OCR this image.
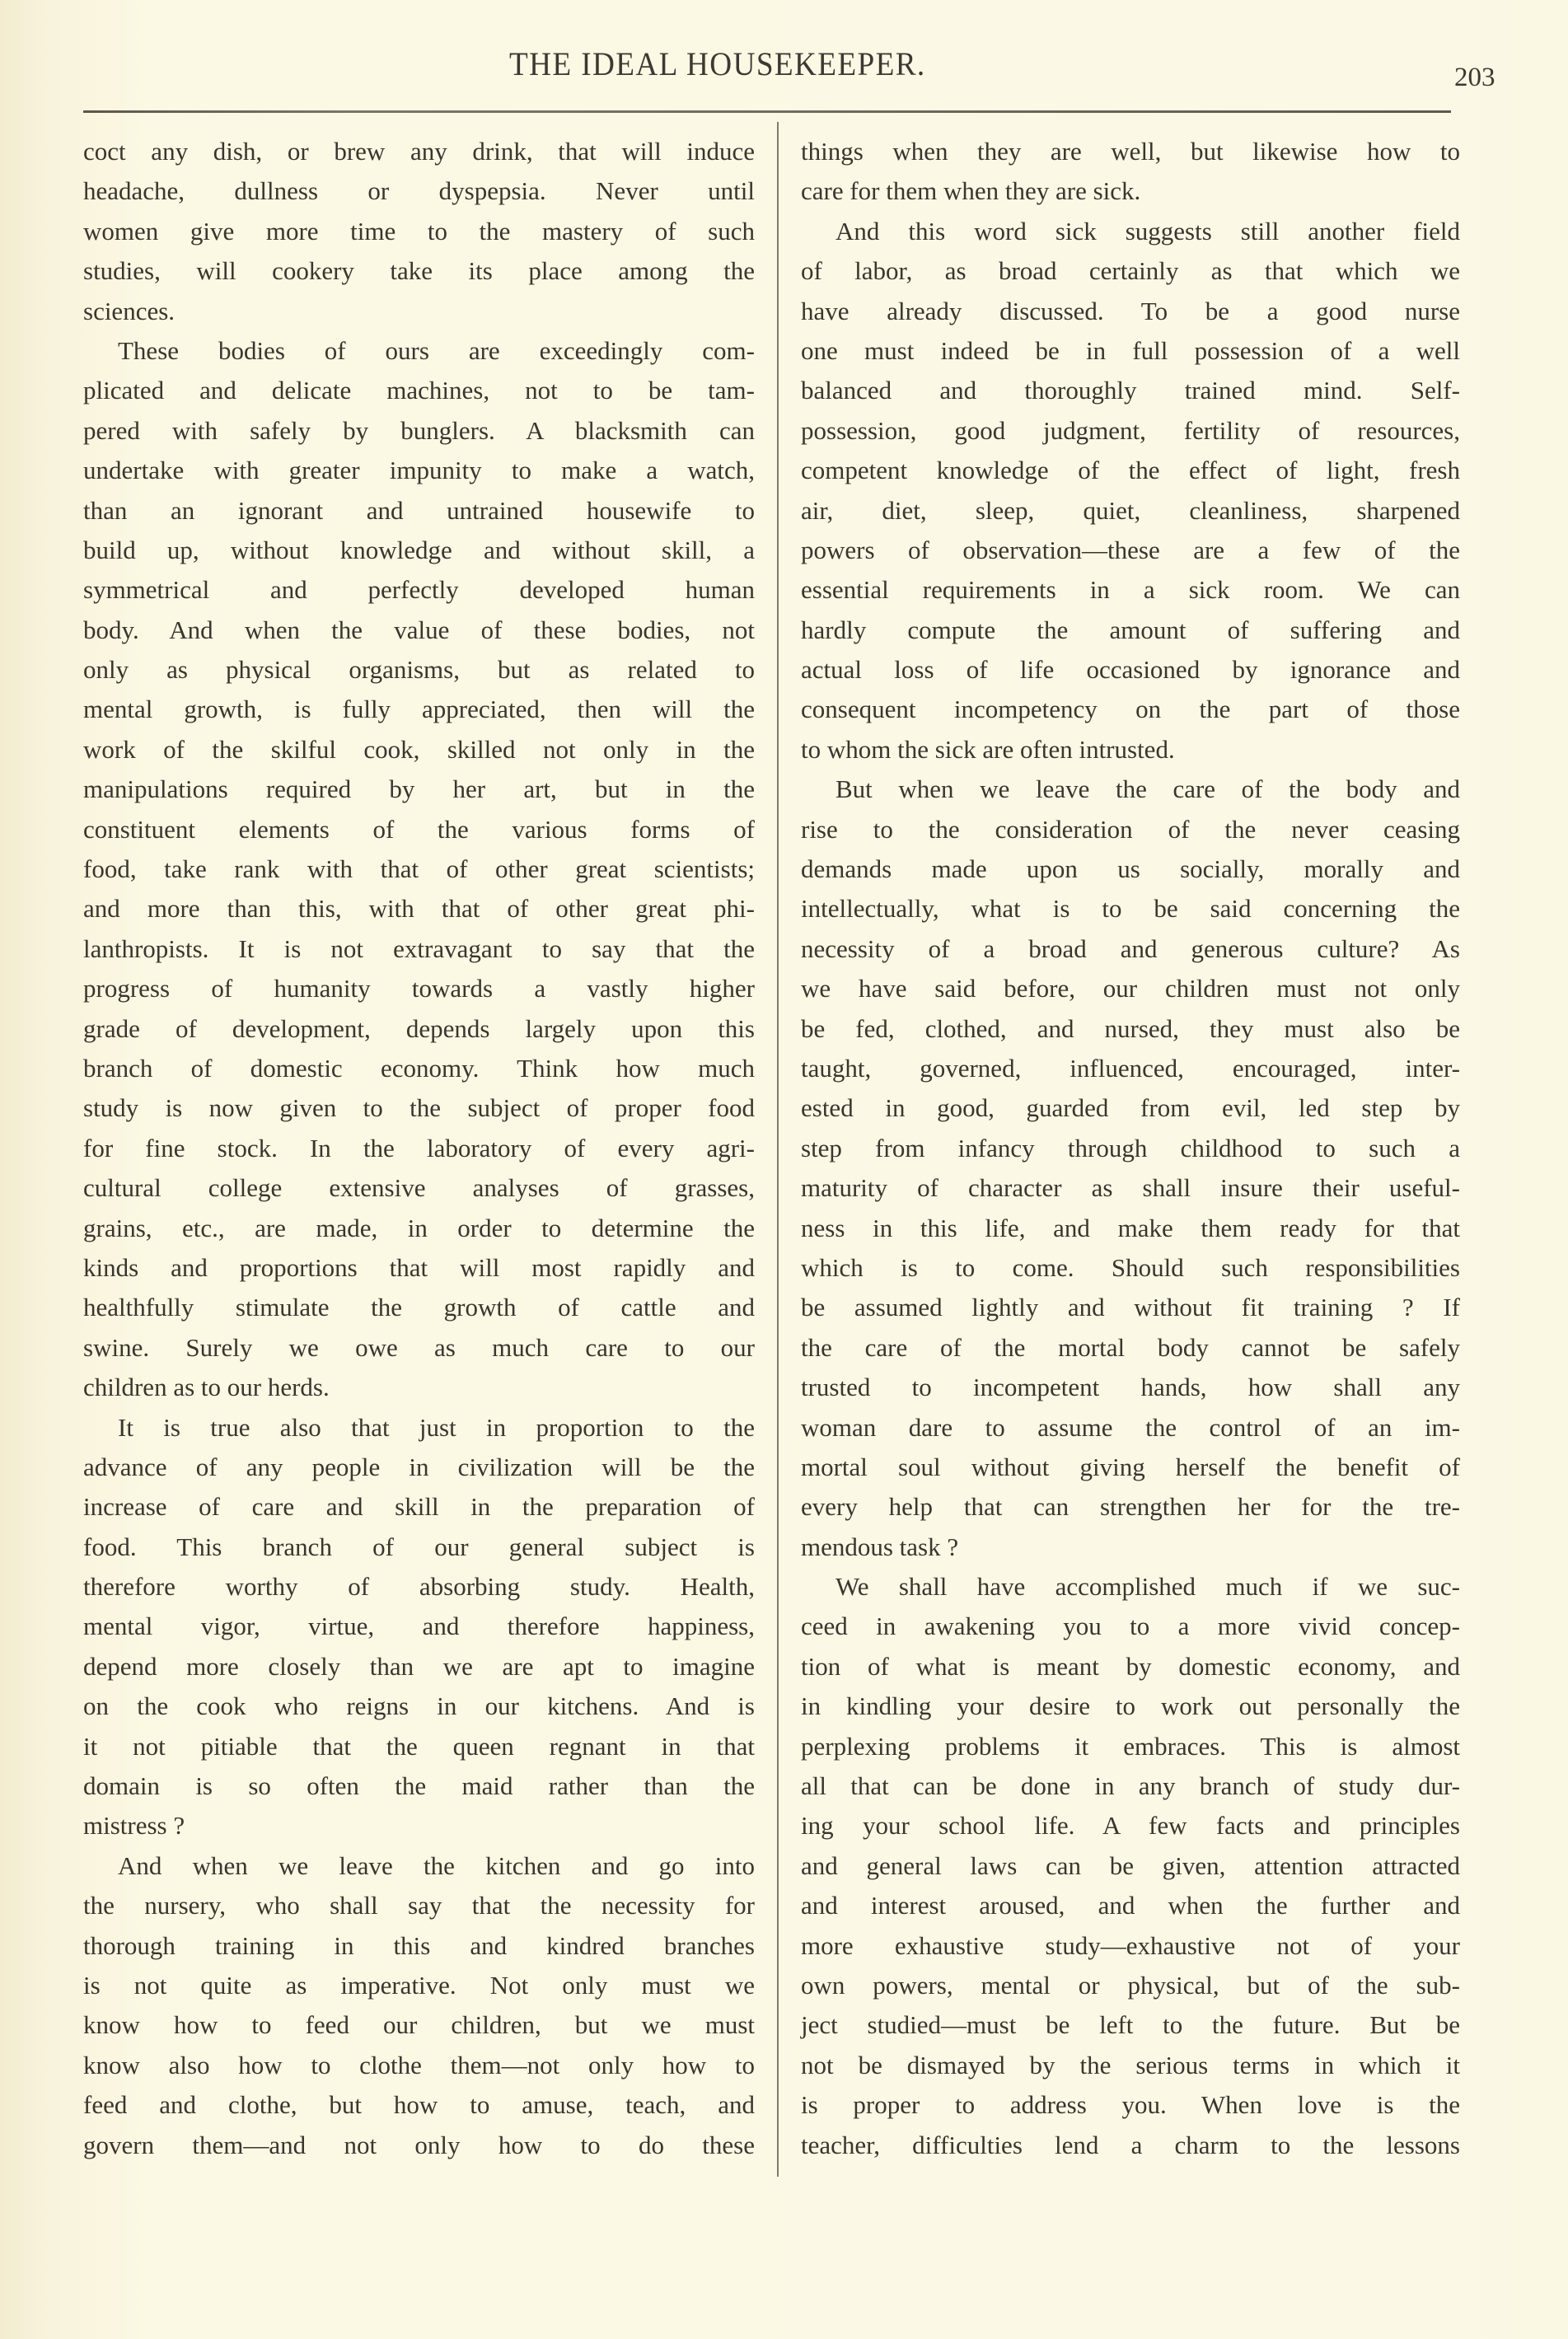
THE IDEAL HOUSEKEEPER.	203
coct any dish, or brew any drink, that will induce
headache, dullness or dyspepsia. Never until
women give more time to the mastery of such
studies, will cookery take its place among the
sciences.
These bodies of ours are exceedingly com-
plicated and delicate machines, not to be tam-
pered with safely by bunglers. A blacksmith can
undertake with greater impunity to make a watch,
than an ignorant and untrained housewife to
build up, without knowledge and without skill, a
symmetrical and perfectly developed human
body. And when the value of these bodies, not
only as physical organisms, but as related to
mental growth, is fully appreciated, then will the
work of the skilful cook, skilled not only in the
manipulations required by her art, but in the
constituent elements of the various forms of
food, take rank with that of other great scientists;
and more than this, with that of other great phi-
lanthropists. It is not extravagant to say that the
progress of humanity towards a vastly higher
grade of development, depends largely upon this
branch of domestic economy. Think how much
study is now given to the subject of proper food
for fine stock. In the laboratory of every agri-
cultural college extensive analyses of grasses,
grains, etc., are made, in order to determine the
kinds and proportions that will most rapidly and
healthfully stimulate the growth of cattle and
swine. Surely we owe as much care to our
children as to our herds.
It is true also that just in proportion to the
advance of any people in civilization will be the
increase of care and skill in the preparation of
food. This branch of our general subject is
therefore worthy of absorbing study. Health,
mental vigor, virtue, and therefore happiness,
depend more closely than we are apt to imagine
on the cook who reigns in our kitchens. And is
it not pitiable that the queen regnant in that
domain is so often the maid rather than the
mistress ?
And when we leave the kitchen and go into
the nursery, who shall say that the necessity for
thorough training in this and kindred branches
is not quite as imperative. Not only must we
know how to feed our children, but we must
know also how to clothe them—not only how to
feed and clothe, but how to amuse, teach, and
govern them—and not only how to do these
things when they are well, but likewise how to
care for them when they are sick.
And this word sick suggests still another field
of labor, as broad certainly as that which we
have already discussed. To be a good nurse
one must indeed be in full possession of a well
balanced and thoroughly trained mind. Self-
possession, good judgment, fertility of resources,
competent knowledge of the effect of light, fresh
air, diet, sleep, quiet, cleanliness, sharpened
powers of observation—these are a few of the
essential requirements in a sick room. We can
hardly compute the amount of suffering and
actual loss of life occasioned by ignorance and
consequent incompetency on the part of those
to whom the sick are often intrusted.
But when we leave the care of the body and
rise to the consideration of the never ceasing
demands made upon us socially, morally and
intellectually, what is to be said concerning the
necessity of a broad and generous culture? As
we have said before, our children must not only
be fed, clothed, and nursed, they must also be
taught, governed, influenced, encouraged, inter-
ested in good, guarded from evil, led step by
step from infancy through childhood to such a
maturity of character as shall insure their useful-
ness in this life, and make them ready for that
which is to come. Should such responsibilities
be assumed lightly and without fit training ? If
the care of the mortal body cannot be safely
trusted to incompetent hands, how shall any
woman dare to assume the control of an im-
mortal soul without giving herself the benefit of
every help that can strengthen her for the tre-
mendous task ?
We shall have accomplished much if we suc-
ceed in awakening you to a more vivid concep-
tion of what is meant by domestic economy, and
in kindling your desire to work out personally the
perplexing problems it embraces. This is almost
all that can be done in any branch of study dur-
ing your school life. A few facts and principles
and general laws can be given, attention attracted
and interest aroused, and when the further and
more exhaustive study—exhaustive not of your
own powers, mental or physical, but of the sub-
ject studied—must be left to the future. But be
not be dismayed by the serious terms in which it
is proper to address you. When love is the
teacher, difficulties lend a charm to the lessons
